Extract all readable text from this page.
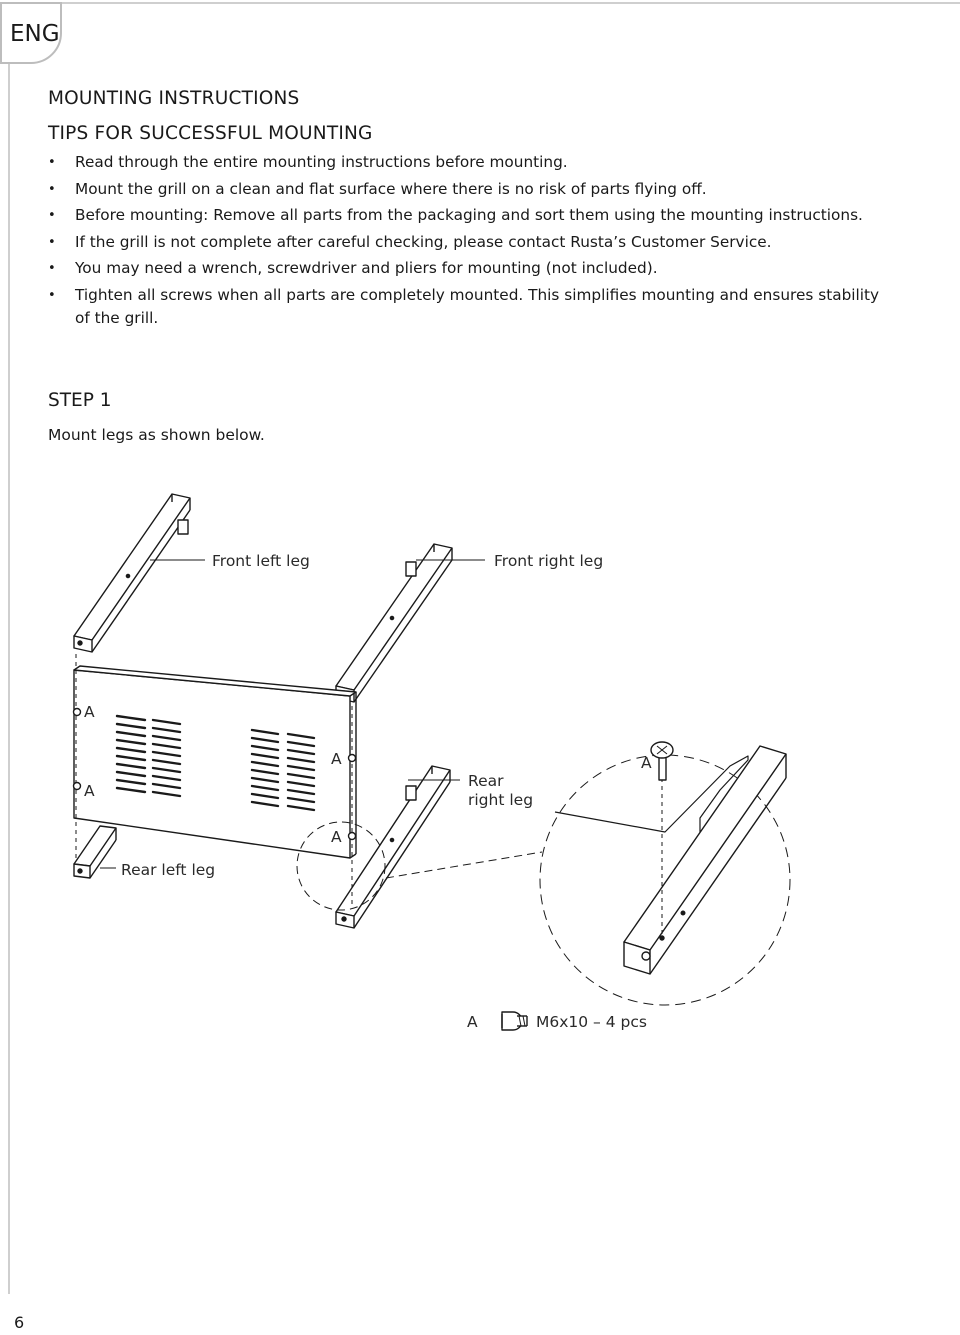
ENG
MOUNTING INSTRUCTIONS
TIPS FOR SUCCESSFUL MOUNTING
• Read through the entire mounting instructions before mounting.
• Mount the grill on a clean and flat surface where there is no risk of parts flying off.
• Before mounting: Remove all parts from the packaging and sort them using the mounting instructions.
• If the grill is not complete after careful checking, please contact Rusta’s Customer Service.
• You may need a wrench, screwdriver and pliers for mounting (not included).
• Tighten all screws when all parts are completely mounted. This simplifies mounting and ensures stability of the grill.
STEP 1
Mount legs as shown below.
Front left leg	Front right leg
Rear
right leg
Rear left leg
A
A
A
A
A
A	M6x10 – 4 pcs
6
